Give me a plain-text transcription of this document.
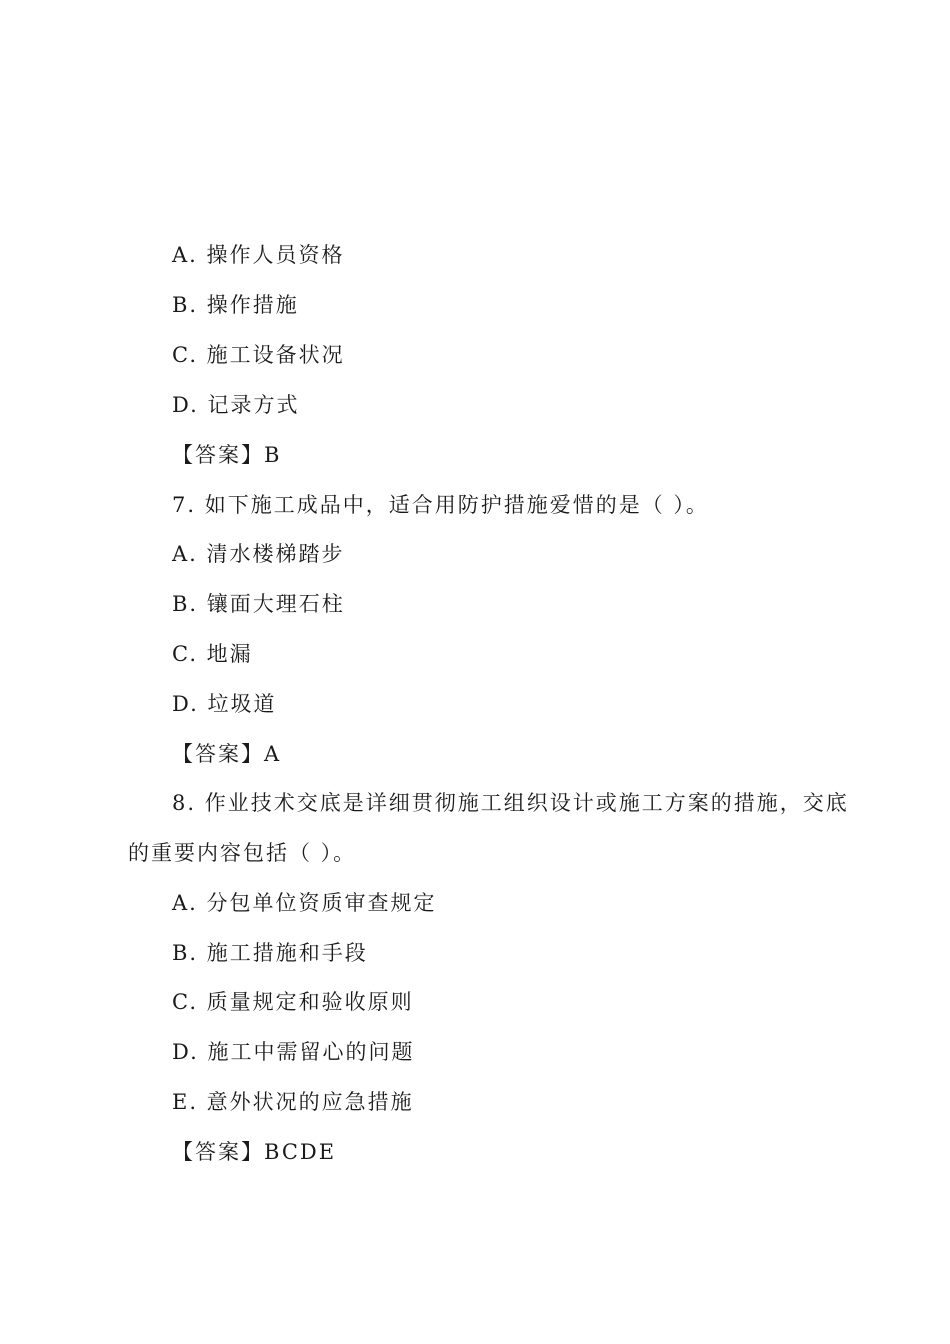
A. 操作人员资格
B. 操作措施
C. 施工设备状况
D. 记录方式
【答案】B
7. 如下施工成品中，适合用防护措施爱惜的是（ ）。
A. 清水楼梯踏步
B. 镶面大理石柱
C. 地漏
D. 垃圾道
【答案】A
8. 作业技术交底是详细贯彻施工组织设计或施工方案的措施，交底
的重要内容包括（ ）。
A. 分包单位资质审查规定
B. 施工措施和手段
C. 质量规定和验收原则
D. 施工中需留心的问题
E. 意外状况的应急措施
【答案】BCDE
